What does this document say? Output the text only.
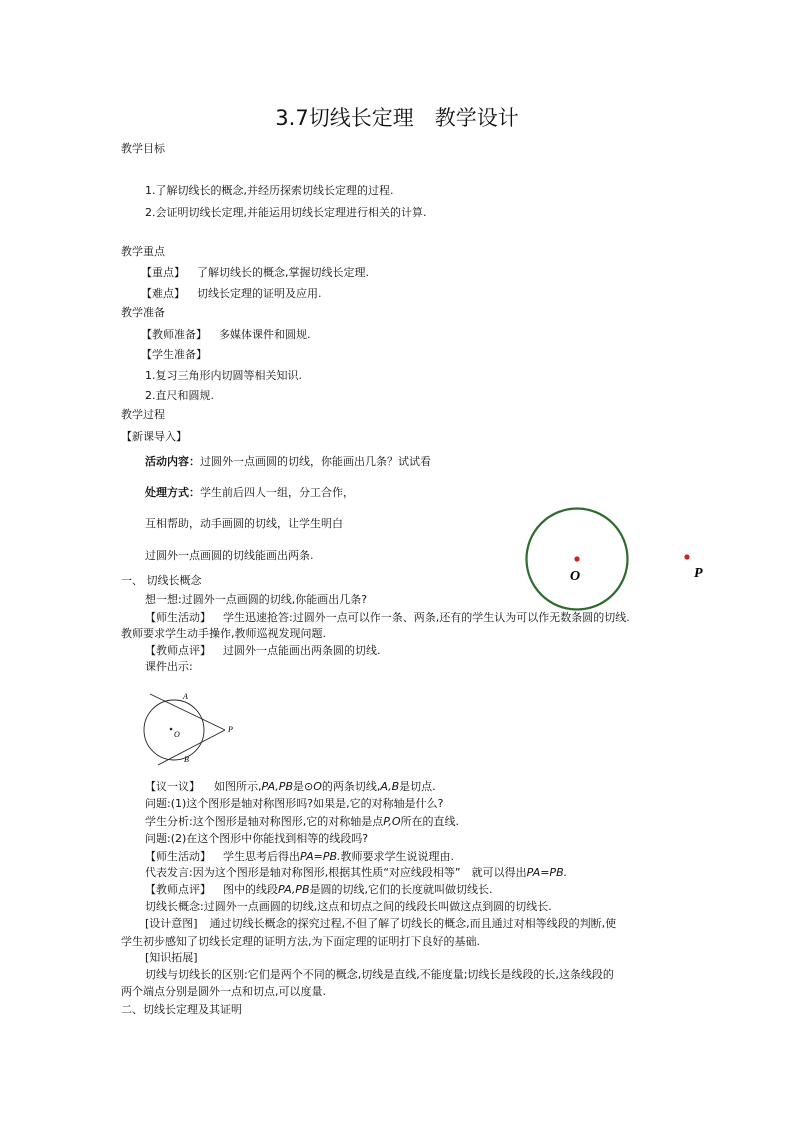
3.7切线长定理　教学设计

教学目标

1.了解切线长的概念,并经历探索切线长定理的过程.

2.会证明切线长定理,并能运用切线长定理进行相关的计算.

教学重点

【重点】 了解切线长的概念,掌握切线长定理.

【难点】 切线长定理的证明及应用.

教学准备

【教师准备】 多媒体课件和圆规.

【学生准备】

1.复习三角形内切圆等相关知识.

2.直尺和圆规.

教学过程

【新课导入】

活动内容：过圆外一点画圆的切线，你能画出几条？试试看

处理方式：学生前后四人一组，分工合作，

互相帮助，动手画圆的切线，让学生明白

过圆外一点画圆的切线能画出两条.

O	P

一、 切线长概念

想一想:过圆外一点画圆的切线,你能画出几条?

【师生活动】 学生迅速抢答:过圆外一点可以作一条、两条,还有的学生认为可以作无数条圆的切线.

教师要求学生动手操作,教师巡视发现问题.

【教师点评】 过圆外一点能画出两条圆的切线.

课件出示:

A
O
P
B

【议一议】 如图所示,PA,PB是⊙O的两条切线,A,B是切点.

问题:(1)这个图形是轴对称图形吗?如果是,它的对称轴是什么?

学生分析:这个图形是轴对称图形,它的对称轴是点P,O所在的直线.

问题:(2)在这个图形中你能找到相等的线段吗?

【师生活动】 学生思考后得出PA=PB.教师要求学生说说理由.

代表发言:因为这个图形是轴对称图形,根据其性质“对应线段相等”　就可以得出PA=PB.

【教师点评】 图中的线段PA,PB是圆的切线,它们的长度就叫做切线长.

切线长概念:过圆外一点画圆的切线,这点和切点之间的线段长叫做这点到圆的切线长.

[设计意图] 通过切线长概念的探究过程,不但了解了切线长的概念,而且通过对相等线段的判断,使

学生初步感知了切线长定理的证明方法,为下面定理的证明打下良好的基础.

[知识拓展]

切线与切线长的区别:它们是两个不同的概念,切线是直线,不能度量;切线长是线段的长,这条线段的

两个端点分别是圆外一点和切点,可以度量.

二、切线长定理及其证明
